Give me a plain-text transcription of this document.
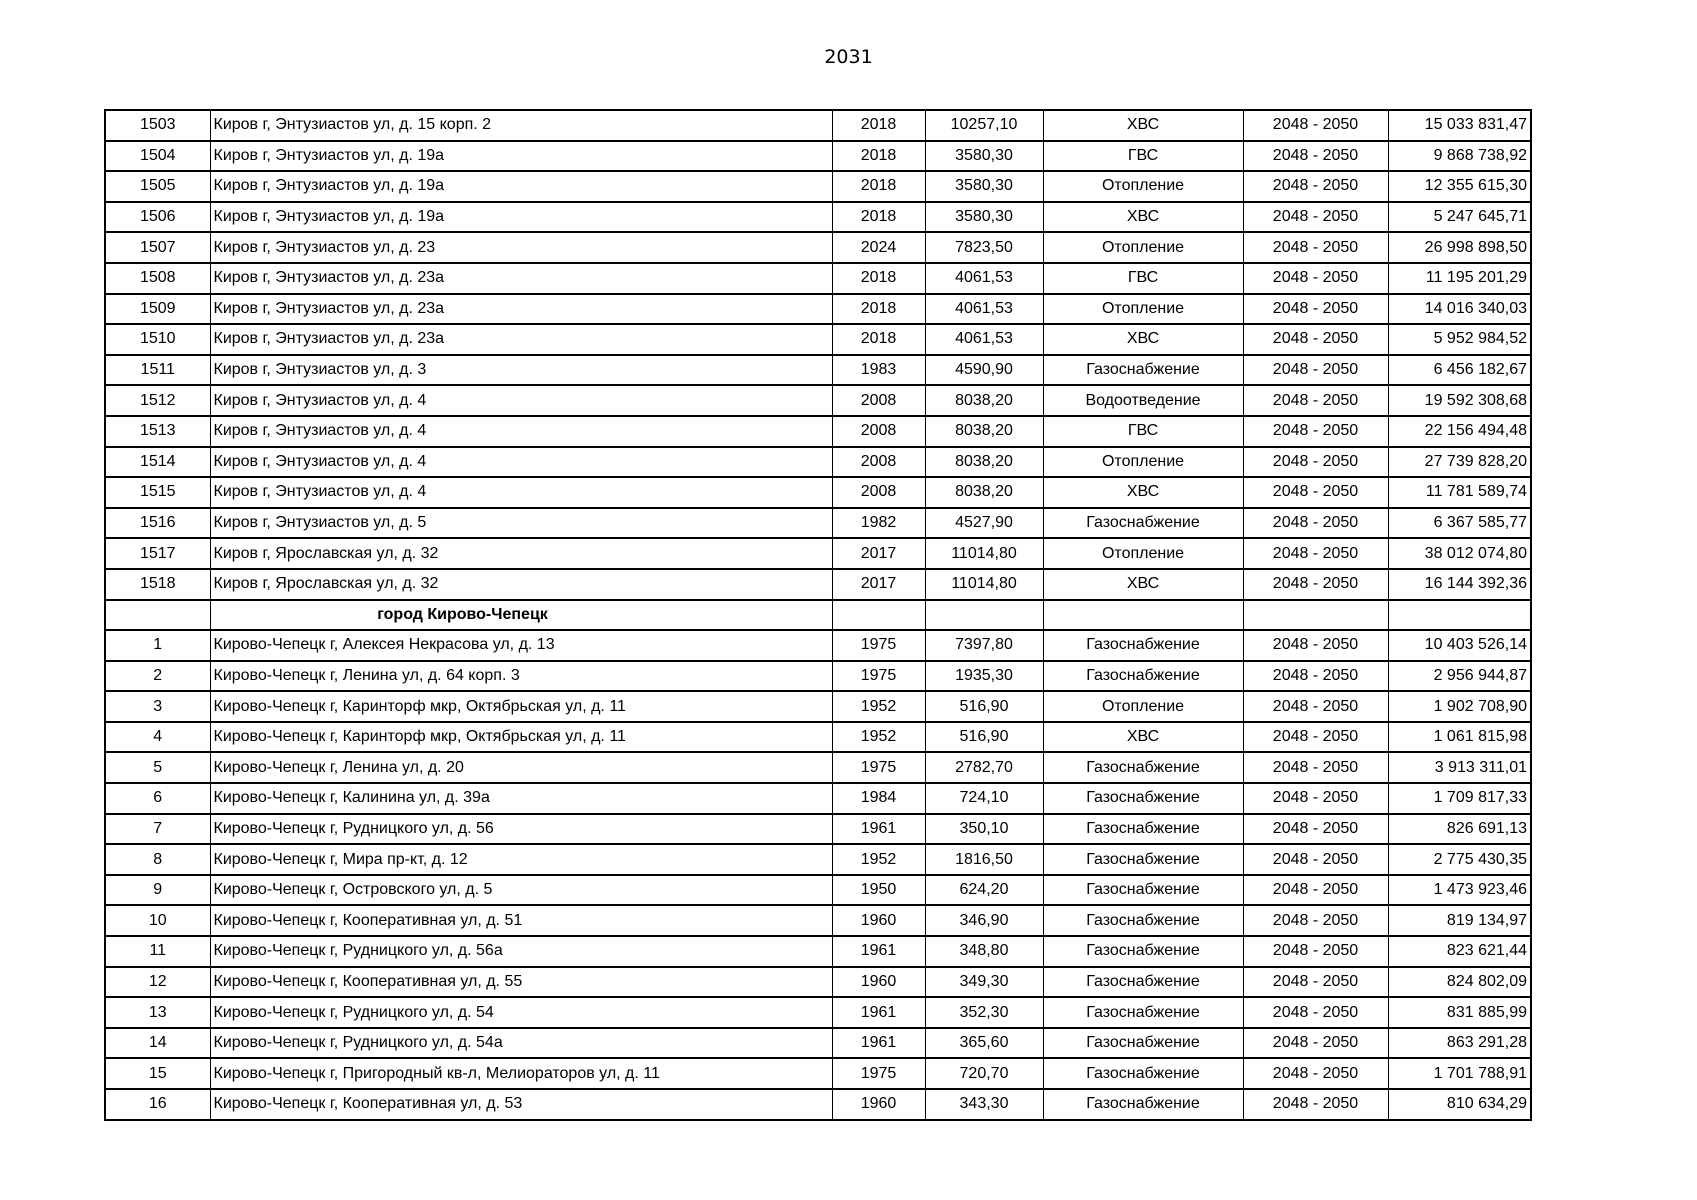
2031
1503	Киров г, Энтузиастов ул, д. 15 корп. 2	2018	10257,10	ХВС	2048 - 2050	15 033 831,47
1504	Киров г, Энтузиастов ул, д. 19а	2018	3580,30	ГВС	2048 - 2050	9 868 738,92
1505	Киров г, Энтузиастов ул, д. 19а	2018	3580,30	Отопление	2048 - 2050	12 355 615,30
1506	Киров г, Энтузиастов ул, д. 19а	2018	3580,30	ХВС	2048 - 2050	5 247 645,71
1507	Киров г, Энтузиастов ул, д. 23	2024	7823,50	Отопление	2048 - 2050	26 998 898,50
1508	Киров г, Энтузиастов ул, д. 23а	2018	4061,53	ГВС	2048 - 2050	11 195 201,29
1509	Киров г, Энтузиастов ул, д. 23а	2018	4061,53	Отопление	2048 - 2050	14 016 340,03
1510	Киров г, Энтузиастов ул, д. 23а	2018	4061,53	ХВС	2048 - 2050	5 952 984,52
1511	Киров г, Энтузиастов ул, д. 3	1983	4590,90	Газоснабжение	2048 - 2050	6 456 182,67
1512	Киров г, Энтузиастов ул, д. 4	2008	8038,20	Водоотведение	2048 - 2050	19 592 308,68
1513	Киров г, Энтузиастов ул, д. 4	2008	8038,20	ГВС	2048 - 2050	22 156 494,48
1514	Киров г, Энтузиастов ул, д. 4	2008	8038,20	Отопление	2048 - 2050	27 739 828,20
1515	Киров г, Энтузиастов ул, д. 4	2008	8038,20	ХВС	2048 - 2050	11 781 589,74
1516	Киров г, Энтузиастов ул, д. 5	1982	4527,90	Газоснабжение	2048 - 2050	6 367 585,77
1517	Киров г, Ярославская ул, д. 32	2017	11014,80	Отопление	2048 - 2050	38 012 074,80
1518	Киров г, Ярославская ул, д. 32	2017	11014,80	ХВС	2048 - 2050	16 144 392,36
	город Кирово-Чепецк					
1	Кирово-Чепецк г, Алексея Некрасова ул, д. 13	1975	7397,80	Газоснабжение	2048 - 2050	10 403 526,14
2	Кирово-Чепецк г, Ленина ул, д. 64 корп. 3	1975	1935,30	Газоснабжение	2048 - 2050	2 956 944,87
3	Кирово-Чепецк г, Каринторф мкр, Октябрьская ул, д. 11	1952	516,90	Отопление	2048 - 2050	1 902 708,90
4	Кирово-Чепецк г, Каринторф мкр, Октябрьская ул, д. 11	1952	516,90	ХВС	2048 - 2050	1 061 815,98
5	Кирово-Чепецк г, Ленина ул, д. 20	1975	2782,70	Газоснабжение	2048 - 2050	3 913 311,01
6	Кирово-Чепецк г, Калинина ул, д. 39а	1984	724,10	Газоснабжение	2048 - 2050	1 709 817,33
7	Кирово-Чепецк г, Рудницкого ул, д. 56	1961	350,10	Газоснабжение	2048 - 2050	826 691,13
8	Кирово-Чепецк г, Мира пр-кт, д. 12	1952	1816,50	Газоснабжение	2048 - 2050	2 775 430,35
9	Кирово-Чепецк г, Островского ул, д. 5	1950	624,20	Газоснабжение	2048 - 2050	1 473 923,46
10	Кирово-Чепецк г, Кооперативная ул, д. 51	1960	346,90	Газоснабжение	2048 - 2050	819 134,97
11	Кирово-Чепецк г, Рудницкого ул, д. 56а	1961	348,80	Газоснабжение	2048 - 2050	823 621,44
12	Кирово-Чепецк г, Кооперативная ул, д. 55	1960	349,30	Газоснабжение	2048 - 2050	824 802,09
13	Кирово-Чепецк г, Рудницкого ул, д. 54	1961	352,30	Газоснабжение	2048 - 2050	831 885,99
14	Кирово-Чепецк г, Рудницкого ул, д. 54а	1961	365,60	Газоснабжение	2048 - 2050	863 291,28
15	Кирово-Чепецк г, Пригородный кв-л, Мелиораторов ул, д. 11	1975	720,70	Газоснабжение	2048 - 2050	1 701 788,91
16	Кирово-Чепецк г, Кооперативная ул, д. 53	1960	343,30	Газоснабжение	2048 - 2050	810 634,29
